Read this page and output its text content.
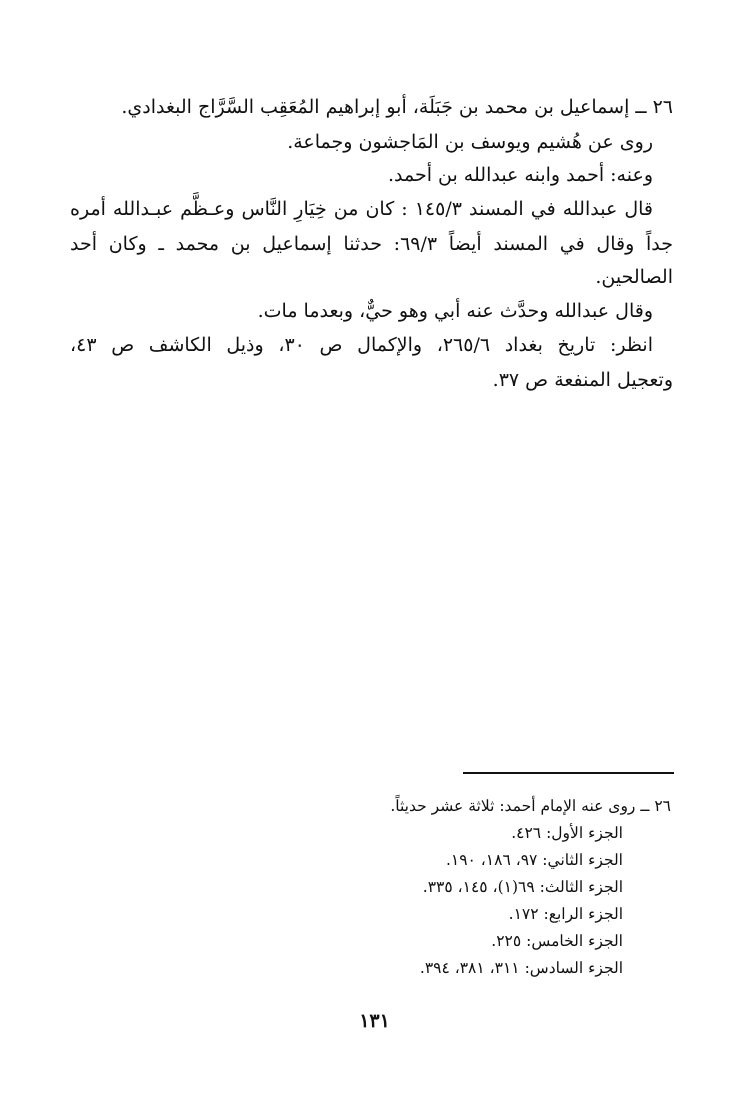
٢٦ ــ إسماعيل بن محمد بن جَبَلَة، أبو إبراهيم المُعَقِب السَّرَّاج البغدادي.
روى عن هُشيم ويوسف بن المَاجشون وجماعة.
وعنه: أحمد وابنه عبدالله بن أحمد.
قال عبدالله في المسند ١٤٥/٣ : كان من خِيَارِ النَّاس وعـظَّم عبـدالله أمره
جداً وقال في المسند أيضاً ٦٩/٣: حدثنا إسماعيل بن محمد ـ وكان أحد
الصالحين.
وقال عبدالله وحدَّث عنه أبي وهو حيٌّ، وبعدما مات.
انظر: تاريخ بغداد ٢٦٥/٦، والإكمال ص ٣٠، وذيل الكاشف ص ٤٣،
وتعجيل المنفعة ص ٣٧.
٢٦ ــ روى عنه الإمام أحمد: ثلاثة عشر حديثاً.
الجزء الأول: ٤٢٦.
الجزء الثاني: ٩٧، ١٨٦، ١٩٠.
الجزء الثالث: ٦٩(١)، ١٤٥، ٣٣٥.
الجزء الرابع: ١٧٢.
الجزء الخامس: ٢٢٥.
الجزء السادس: ٣١١، ٣٨١، ٣٩٤.
١٣١
